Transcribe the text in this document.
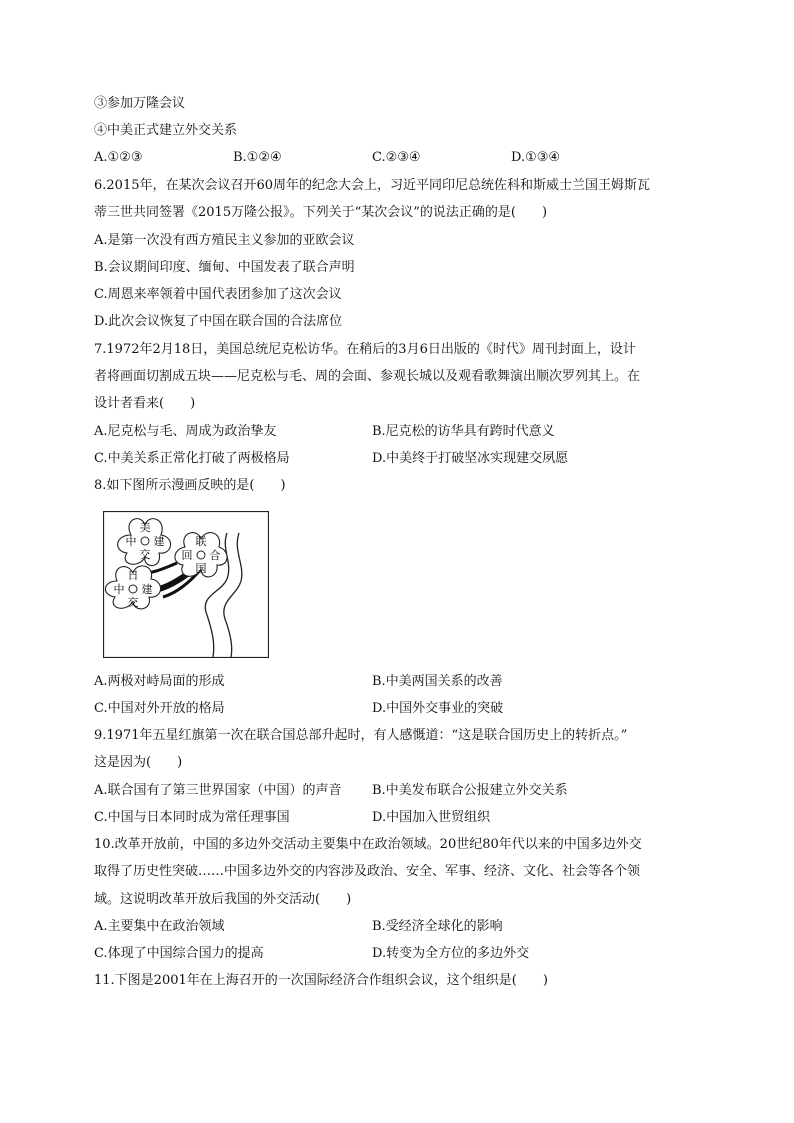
③参加万隆会议
④中美正式建立外交关系
A.①②③	B.①②④	C.②③④	D.①③④
6.2015年，在某次会议召开60周年的纪念大会上，习近平同印尼总统佐科和斯威士兰国王姆斯瓦
蒂三世共同签署《2015万隆公报》。下列关于“某次会议”的说法正确的是(　　)
A.是第一次没有西方殖民主义参加的亚欧会议
B.会议期间印度、缅甸、中国发表了联合声明
C.周恩来率领着中国代表团参加了这次会议
D.此次会议恢复了中国在联合国的合法席位
7.1972年2月18日，美国总统尼克松访华。在稍后的3月6日出版的《时代》周刊封面上，设计
者将画面切割成五块——尼克松与毛、周的会面、参观长城以及观看歌舞演出顺次罗列其上。在
设计者看来(　　)
A.尼克松与毛、周成为政治挚友	B.尼克松的访华具有跨时代意义
C.中美关系正常化打破了两极格局	D.中美终于打破坚冰实现建交夙愿
8.如下图所示漫画反映的是(　　)
美
中 建
交
日
中 建
交
联
回 合
国
A.两极对峙局面的形成	B.中美两国关系的改善
C.中国对外开放的格局	D.中国外交事业的突破
9.1971年五星红旗第一次在联合国总部升起时，有人感慨道：“这是联合国历史上的转折点。”
这是因为(　　)
A.联合国有了第三世界国家（中国）的声音 B.中美发布联合公报建立外交关系
C.中国与日本同时成为常任理事国	D.中国加入世贸组织
10.改革开放前，中国的多边外交活动主要集中在政治领域。20世纪80年代以来的中国多边外交
取得了历史性突破……中国多边外交的内容涉及政治、安全、军事、经济、文化、社会等各个领
域。这说明改革开放后我国的外交活动(　　)
A.主要集中在政治领域	B.受经济全球化的影响
C.体现了中国综合国力的提高	D.转变为全方位的多边外交
11.下图是2001年在上海召开的一次国际经济合作组织会议，这个组织是(　　)
